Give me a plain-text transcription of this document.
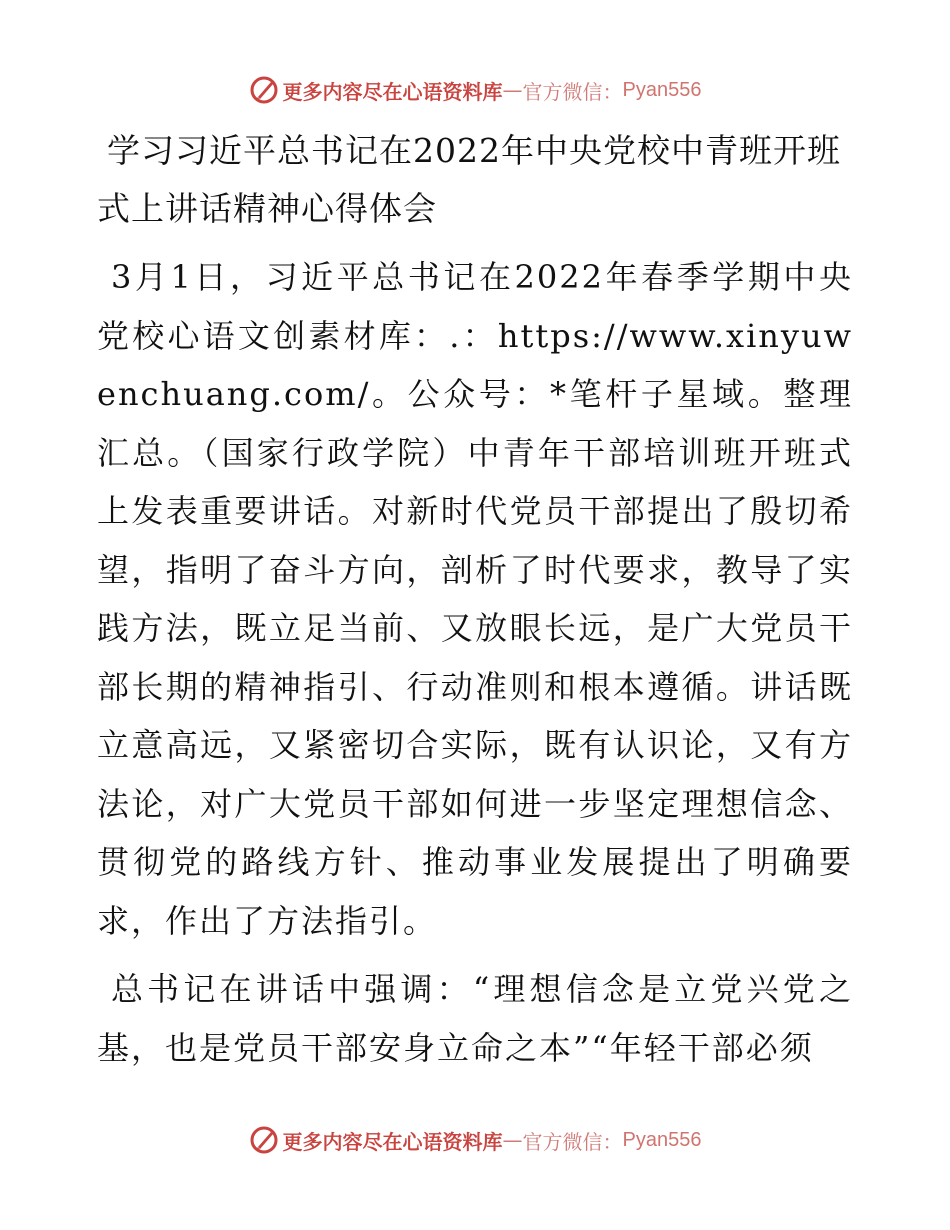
更多内容尽在心语资料库 — 官方微信： Pyan556
学习习近平总书记在2022年中央党校中青班开班式上讲话精神心得体会

3月1日，习近平总书记在2022年春季学期中央党校心语文创素材库：.：https://www.xinyuwenchuang.com/。公众号：*笔杆子星域。整理汇总。（国家行政学院）中青年干部培训班开班式上发表重要讲话。对新时代党员干部提出了殷切希望，指明了奋斗方向，剖析了时代要求，教导了实践方法，既立足当前、又放眼长远，是广大党员干部长期的精神指引、行动准则和根本遵循。讲话既立意高远，又紧密切合实际，既有认识论，又有方法论，对广大党员干部如何进一步坚定理想信念、贯彻党的路线方针、推动事业发展提出了明确要求，作出了方法指引。

总书记在讲话中强调：“理想信念是立党兴党之基，也是党员干部安身立命之本”“年轻干部必须

更多内容尽在心语资料库 — 官方微信： Pyan556
